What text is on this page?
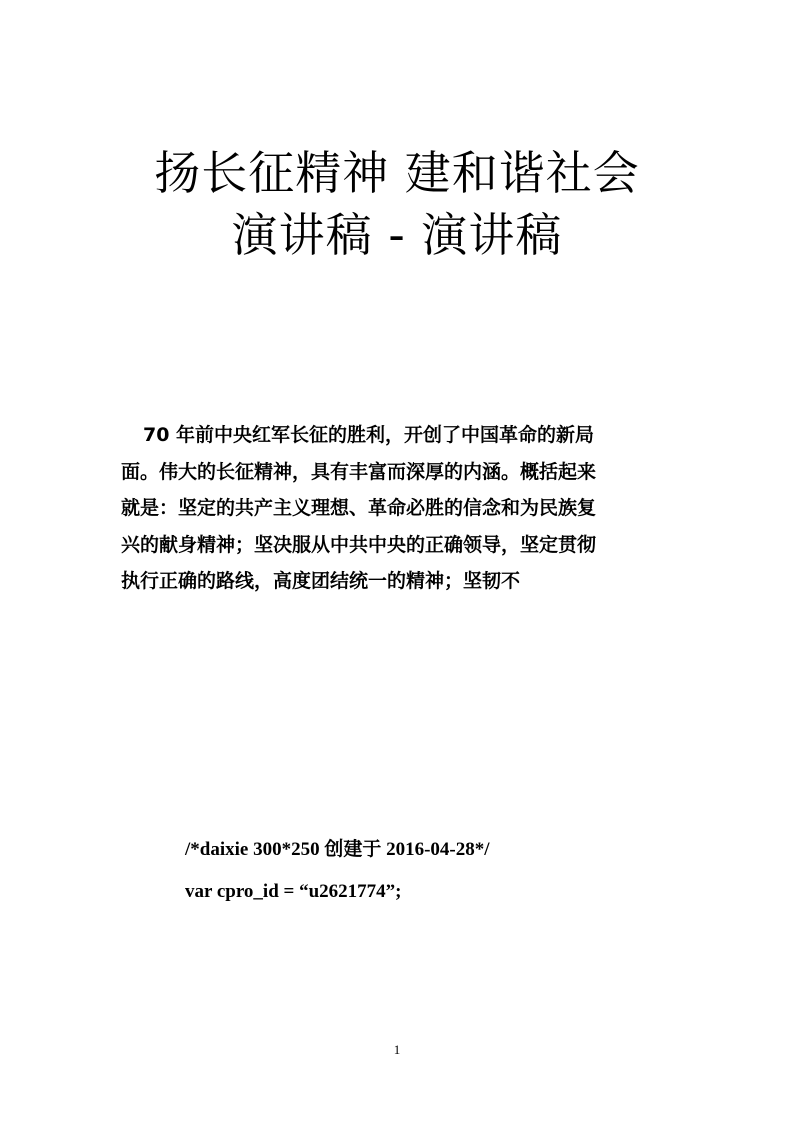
扬长征精神 建和谐社会
演讲稿 - 演讲稿
70 年前中央红军长征的胜利，开创了中国革命的新局
面。伟大的长征精神，具有丰富而深厚的内涵。概括起来
就是：坚定的共产主义理想、革命必胜的信念和为民族复
兴的献身精神；坚决服从中共中央的正确领导，坚定贯彻
执行正确的路线，高度团结统一的精神；坚韧不
/*daixie 300*250 创建于 2016-04-28*/
var cpro_id = “u2621774”;
1
